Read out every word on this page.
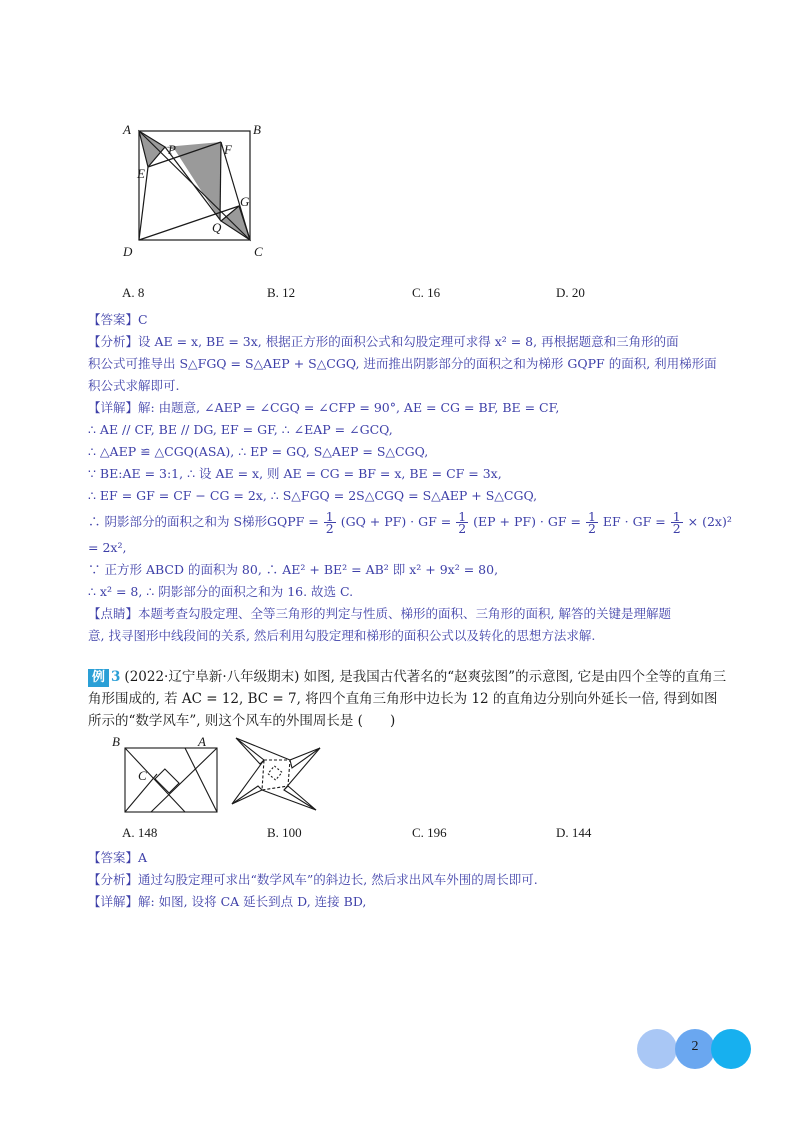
A	B
C
D
E
F
G
P
Q
A. 8	B. 12	C. 16	D. 20
【答案】C
【分析】设 AE = x, BE = 3x, 根据正方形的面积公式和勾股定理可求得 x² = 8, 再根据题意和三角形的面
积公式可推导出 S△FGQ = S△AEP + S△CGQ, 进而推出阴影部分的面积之和为梯形 GQPF 的面积, 利用梯形面
积公式求解即可.
【详解】解: 由题意, ∠AEP = ∠CGQ = ∠CFP = 90°, AE = CG = BF, BE = CF,
∴ AE // CF, BE // DG, EF = GF, ∴ ∠EAP = ∠GCQ,
∴ △AEP ≌ △CGQ(ASA), ∴ EP = GQ, S△AEP = S△CGQ,
∵ BE:AE = 3:1, ∴ 设 AE = x, 则 AE = CG = BF = x, BE = CF = 3x,
∴ EF = GF = CF − CG = 2x, ∴ S△FGQ = 2S△CGQ = S△AEP + S△CGQ,
∴ 阴影部分的面积之和为 S梯形GQPF = $\frac{1}{2} (GQ + PF)$ · GF = $\frac{1}{2} (EP + PF)$ · GF = $\frac{1}{2}$ EF · GF = $\frac{1}{2} \times (2x)^2$
= 2x²,
∵ 正方形 ABCD 的面积为 80, ∴ AE² + BE² = AB² 即 x² + 9x² = 80,
∴ x² = 8, ∴ 阴影部分的面积之和为 16. 故选 C.
【点睛】本题考查勾股定理、全等三角形的判定与性质、梯形的面积、三角形的面积, 解答的关键是理解题
意, 找寻图形中线段间的关系, 然后利用勾股定理和梯形的面积公式以及转化的思想方法求解.
例 3 (2022·辽宁阜新·八年级期末) 如图, 是我国古代著名的“赵爽弦图”的示意图, 它是由四个全等的直角三
角形围成的, 若 AC = 12, BC = 7, 将四个直角三角形中边长为 12 的直角边分别向外延长一倍, 得到如图
所示的“数学风车”, 则这个风车的外围周长是 (　　)
B	A
C
A. 148	B. 100	C. 196	D. 144
【答案】A
【分析】通过勾股定理可求出“数学风车”的斜边长, 然后求出风车外围的周长即可.
【详解】解: 如图, 设将 CA 延长到点 D, 连接 BD,
2
